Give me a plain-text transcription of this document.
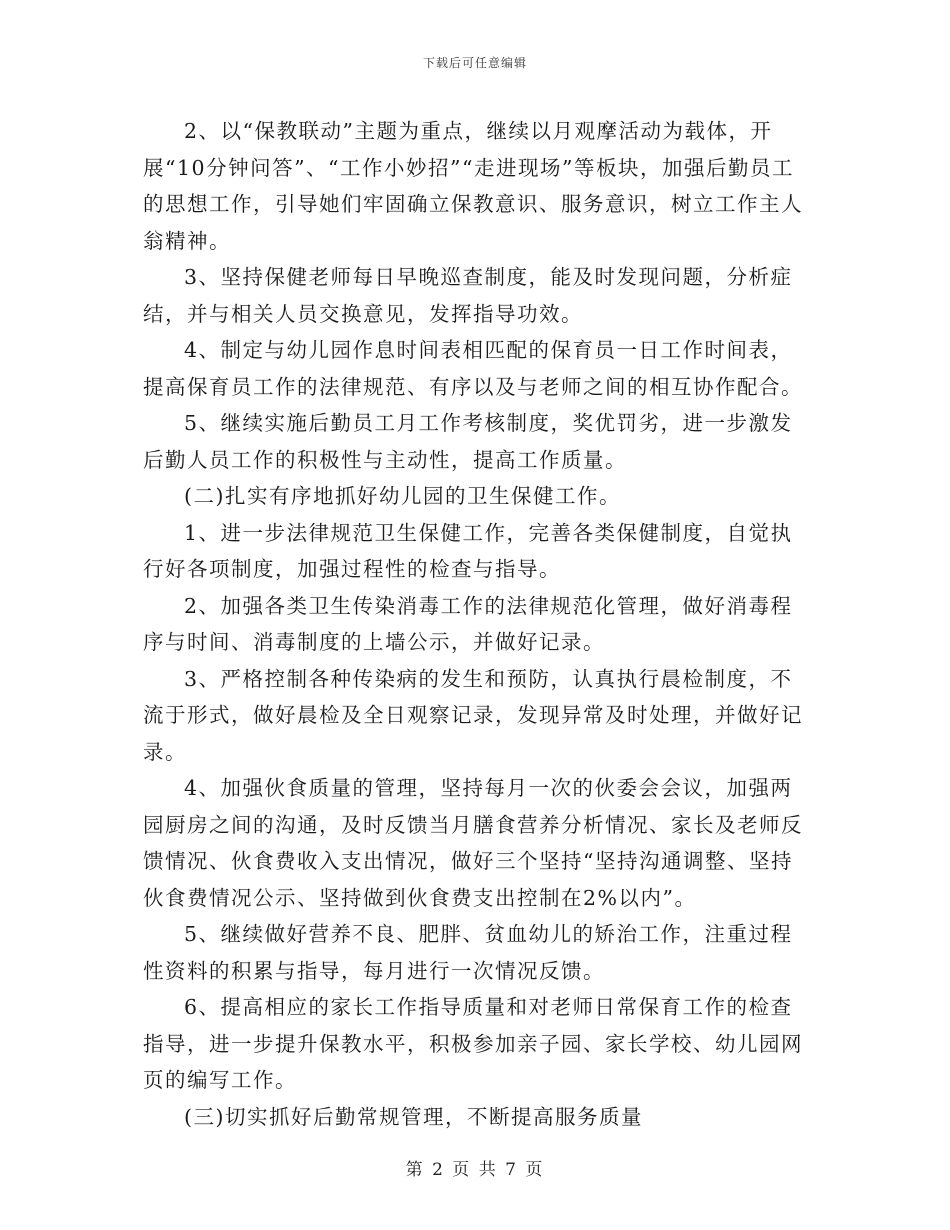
下载后可任意编辑

2、以“保教联动”主题为重点，继续以月观摩活动为载体，开展“10分钟问答”、“工作小妙招”“走进现场”等板块，加强后勤员工的思想工作，引导她们牢固确立保教意识、服务意识，树立工作主人翁精神。

3、坚持保健老师每日早晚巡查制度，能及时发现问题，分析症结，并与相关人员交换意见，发挥指导功效。

4、制定与幼儿园作息时间表相匹配的保育员一日工作时间表，提高保育员工作的法律规范、有序以及与老师之间的相互协作配合。

5、继续实施后勤员工月工作考核制度，奖优罚劣，进一步激发后勤人员工作的积极性与主动性，提高工作质量。

(二)扎实有序地抓好幼儿园的卫生保健工作。

1、进一步法律规范卫生保健工作，完善各类保健制度，自觉执行好各项制度，加强过程性的检查与指导。

2、加强各类卫生传染消毒工作的法律规范化管理，做好消毒程序与时间、消毒制度的上墙公示，并做好记录。

3、严格控制各种传染病的发生和预防，认真执行晨检制度，不流于形式，做好晨检及全日观察记录，发现异常及时处理，并做好记录。

4、加强伙食质量的管理，坚持每月一次的伙委会会议，加强两园厨房之间的沟通，及时反馈当月膳食营养分析情况、家长及老师反馈情况、伙食费收入支出情况，做好三个坚持“坚持沟通调整、坚持伙食费情况公示、坚持做到伙食费支出控制在2%以内”。

5、继续做好营养不良、肥胖、贫血幼儿的矫治工作，注重过程性资料的积累与指导，每月进行一次情况反馈。

6、提高相应的家长工作指导质量和对老师日常保育工作的检查指导，进一步提升保教水平，积极参加亲子园、家长学校、幼儿园网页的编写工作。

(三)切实抓好后勤常规管理，不断提高服务质量

第 2 页 共 7 页
